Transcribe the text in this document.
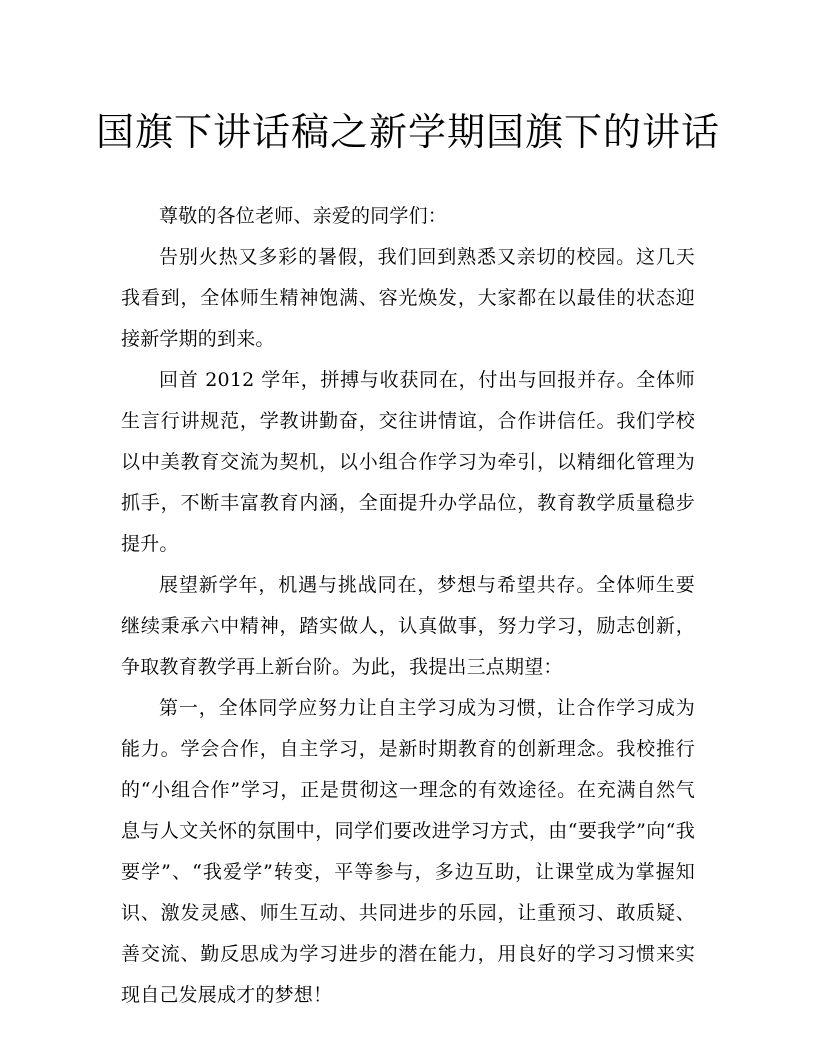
国旗下讲话稿之新学期国旗下的讲话

尊敬的各位老师、亲爱的同学们：

告别火热又多彩的暑假，我们回到熟悉又亲切的校园。这几天我看到，全体师生精神饱满、容光焕发，大家都在以最佳的状态迎接新学期的到来。

回首 2012 学年，拼搏与收获同在，付出与回报并存。全体师生言行讲规范，学教讲勤奋，交往讲情谊，合作讲信任。我们学校以中美教育交流为契机，以小组合作学习为牵引，以精细化管理为抓手，不断丰富教育内涵，全面提升办学品位，教育教学质量稳步提升。

展望新学年，机遇与挑战同在，梦想与希望共存。全体师生要继续秉承六中精神，踏实做人，认真做事，努力学习，励志创新，争取教育教学再上新台阶。为此，我提出三点期望：

第一，全体同学应努力让自主学习成为习惯，让合作学习成为能力。学会合作，自主学习，是新时期教育的创新理念。我校推行的“小组合作”学习，正是贯彻这一理念的有效途径。在充满自然气息与人文关怀的氛围中，同学们要改进学习方式，由“要我学”向“我要学”、“我爱学”转变，平等参与，多边互助，让课堂成为掌握知识、激发灵感、师生互动、共同进步的乐园，让重预习、敢质疑、善交流、勤反思成为学习进步的潜在能力，用良好的学习习惯来实现自己发展成才的梦想！
